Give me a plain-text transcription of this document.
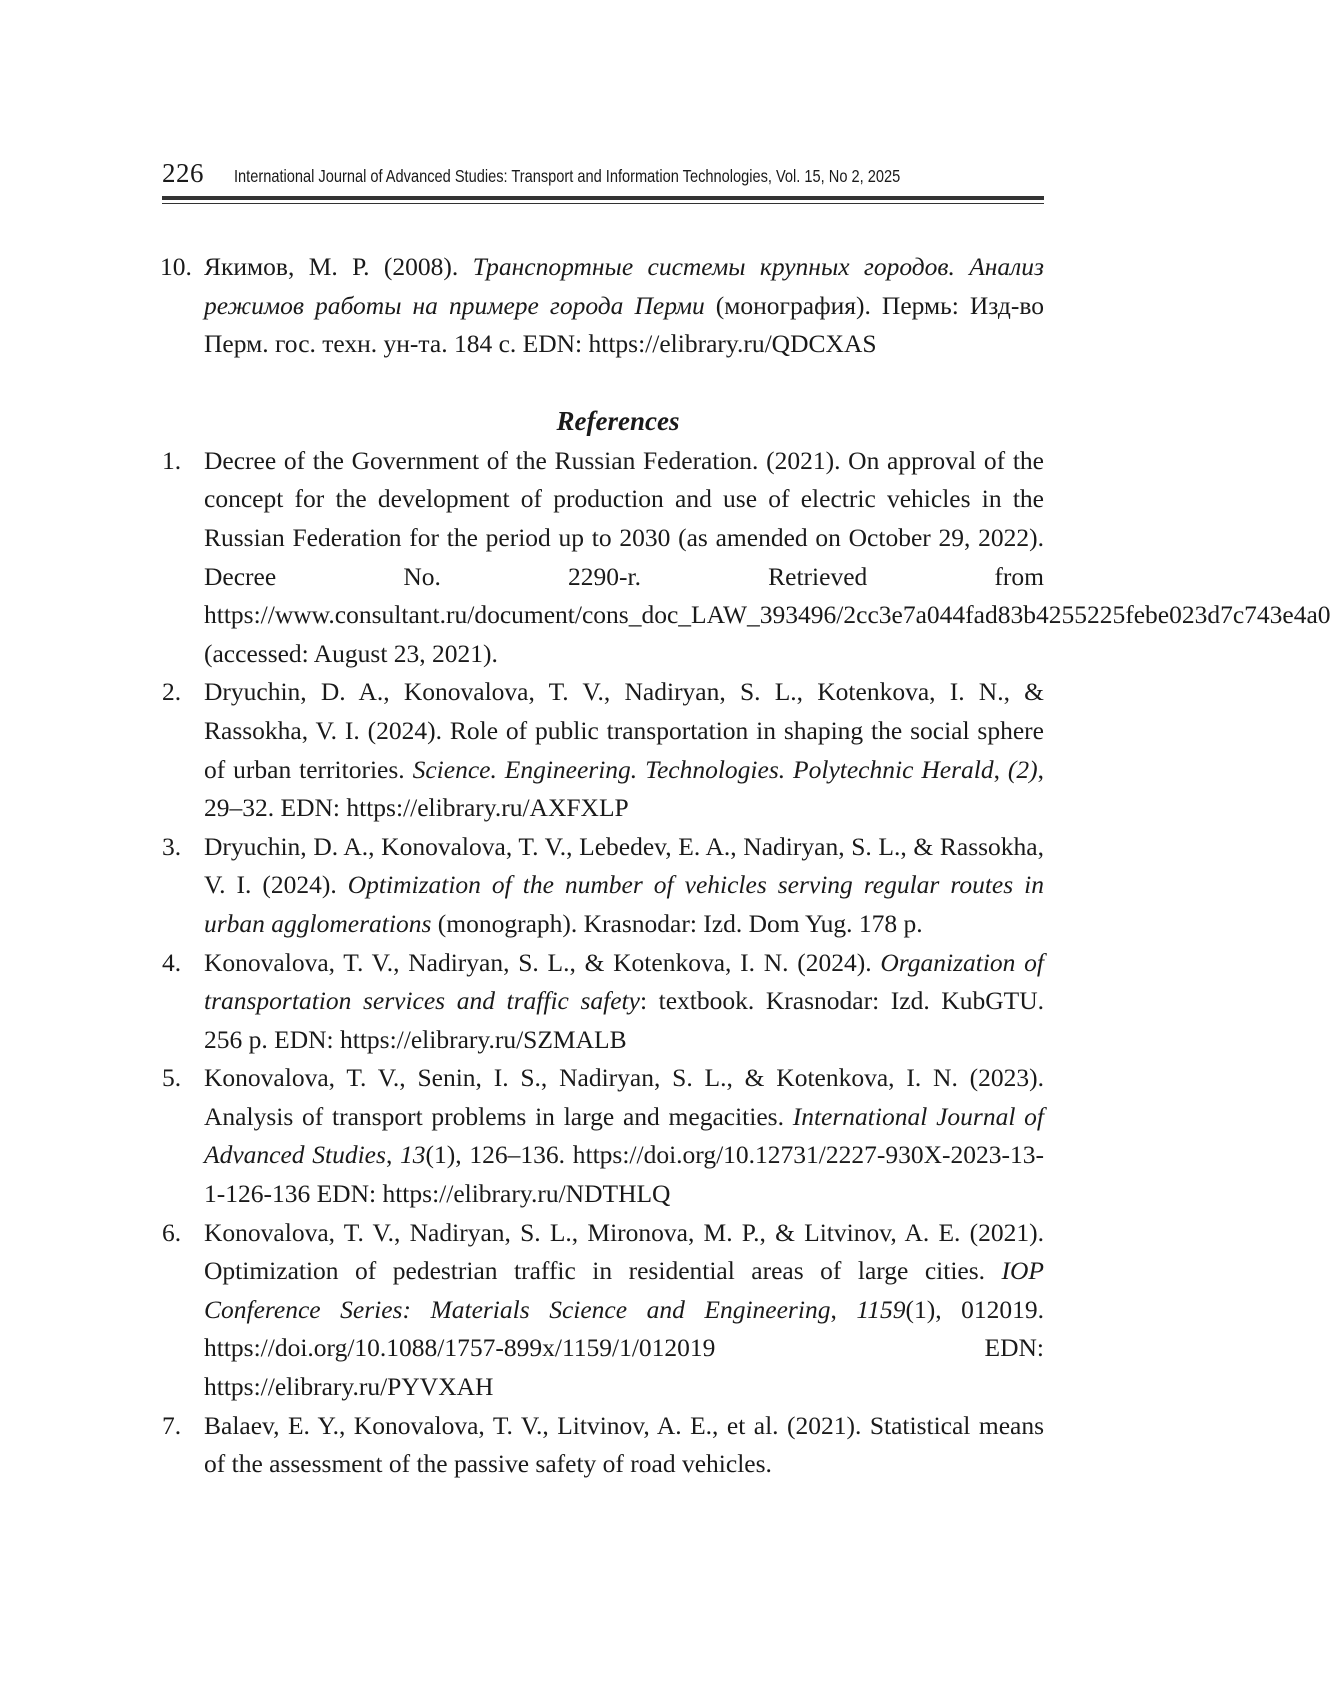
226	International Journal of Advanced Studies: Transport and Information Technologies, Vol. 15, No 2, 2025
10. Якимов, М. Р. (2008). Транспортные системы крупных городов. Анализ режимов работы на примере города Перми (монография). Пермь: Изд-во Перм. гос. техн. ун-та. 184 с. EDN: https://elibrary.ru/QDCXAS
References
1. Decree of the Government of the Russian Federation. (2021). On approval of the concept for the development of production and use of electric vehicles in the Russian Federation for the period up to 2030 (as amended on October 29, 2022). Decree No. 2290-r. Retrieved from https://www.consultant.ru/document/cons_doc_LAW_393496/2cc3e7a044fad83b4255225febe023d7c743e4a0 (accessed: August 23, 2021).
2. Dryuchin, D. A., Konovalova, T. V., Nadiryan, S. L., Kotenkova, I. N., & Rassokha, V. I. (2024). Role of public transportation in shaping the social sphere of urban territories. Science. Engineering. Technologies. Polytechnic Herald, (2), 29–32. EDN: https://elibrary.ru/AXFXLP
3. Dryuchin, D. A., Konovalova, T. V., Lebedev, E. A., Nadiryan, S. L., & Rassokha, V. I. (2024). Optimization of the number of vehicles serving regular routes in urban agglomerations (monograph). Krasnodar: Izd. Dom Yug. 178 p.
4. Konovalova, T. V., Nadiryan, S. L., & Kotenkova, I. N. (2024). Organization of transportation services and traffic safety: textbook. Krasnodar: Izd. KubGTU. 256 p. EDN: https://elibrary.ru/SZMALB
5. Konovalova, T. V., Senin, I. S., Nadiryan, S. L., & Kotenkova, I. N. (2023). Analysis of transport problems in large and megacities. International Journal of Advanced Studies, 13(1), 126–136. https://doi.org/10.12731/2227-930X-2023-13-1-126-136 EDN: https://elibrary.ru/NDTHLQ
6. Konovalova, T. V., Nadiryan, S. L., Mironova, M. P., & Litvinov, A. E. (2021). Optimization of pedestrian traffic in residential areas of large cities. IOP Conference Series: Materials Science and Engineering, 1159(1), 012019. https://doi.org/10.1088/1757-899x/1159/1/012019 EDN: https://elibrary.ru/PYVXAH
7. Balaev, E. Y., Konovalova, T. V., Litvinov, A. E., et al. (2021). Statistical means of the assessment of the passive safety of road vehicles.
